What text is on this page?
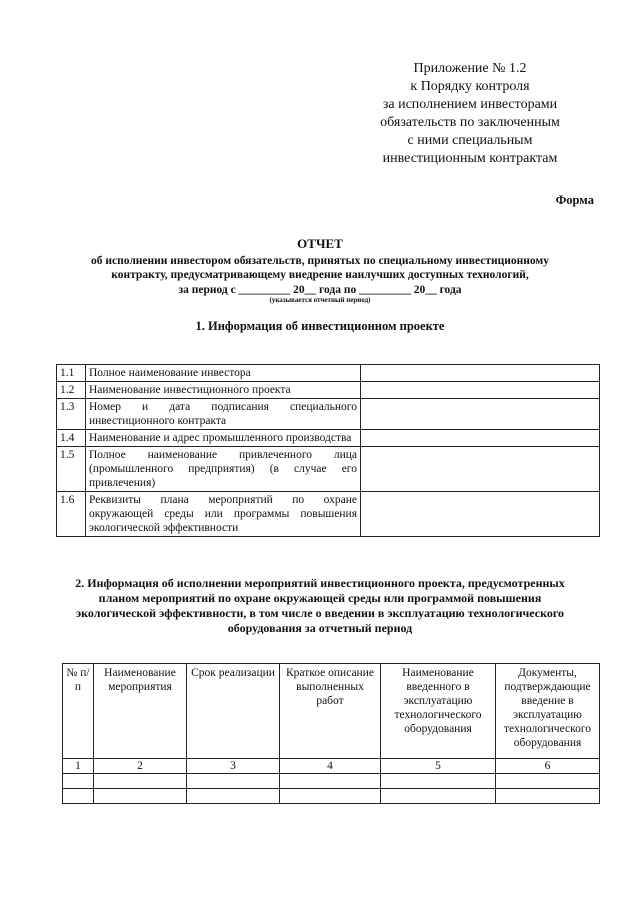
Приложение № 1.2
к Порядку контроля
за исполнением инвесторами
обязательств по заключенным
с ними специальным
инвестиционным контрактам
Форма
ОТЧЕТ
об исполнении инвестором обязательств, принятых по специальному инвестиционному
контракту, предусматривающему внедрение наилучших доступных технологий,
за период с _________ 20__ года по _________ 20__ года
(указывается отчетный период)
1. Информация об инвестиционном проекте
1.1	Полное наименование инвестора	
1.2	Наименование инвестиционного проекта	
1.3	Номер и дата подписания специального инвестиционного контракта	
1.4	Наименование и адрес промышленного производства	
1.5	Полное наименование привлеченного лица (промышленного предприятия) (в случае его привлечения)	
1.6	Реквизиты плана мероприятий по охране окружающей среды или программы повышения экологической эффективности	
2. Информация об исполнении мероприятий инвестиционного проекта, предусмотренных
планом мероприятий по охране окружающей среды или программой повышения
экологической эффективности, в том числе о введении в эксплуатацию технологического
оборудования за отчетный период
№ п/п	Наименование мероприятия	Срок реализации	Краткое описание выполненных работ	Наименование введенного в эксплуатацию технологического оборудования	Документы, подтверждающие введение в эксплуатацию технологического оборудования
1	2	3	4	5	6
